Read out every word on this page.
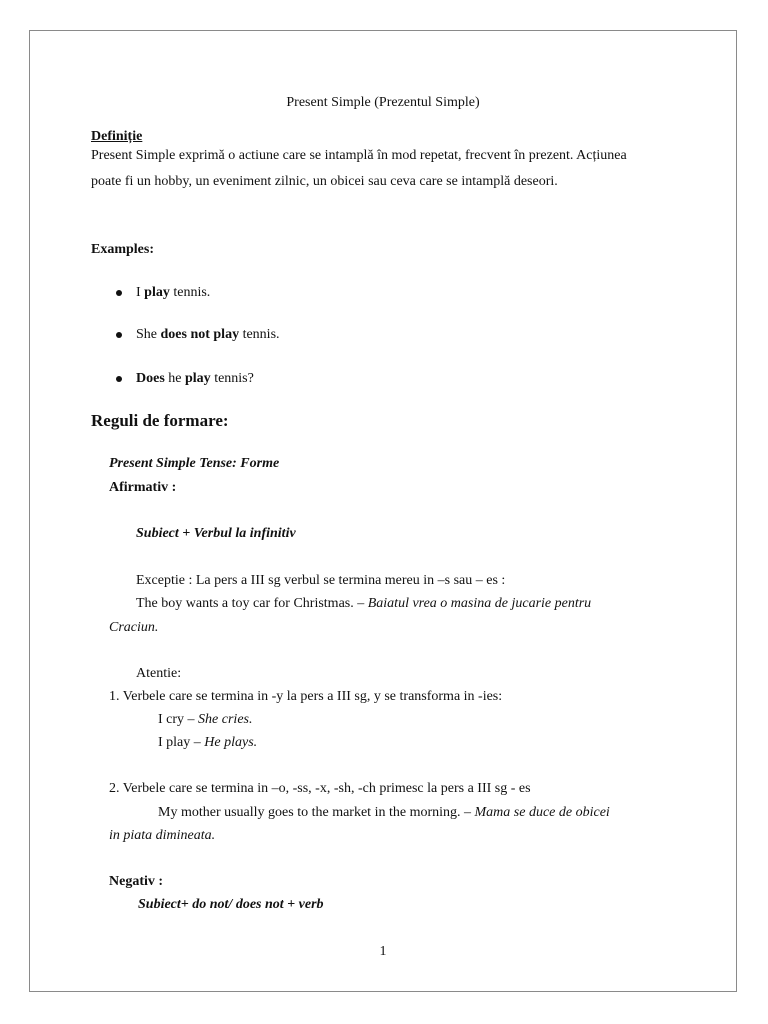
Present Simple (Prezentul Simple)
Definiție
Present Simple exprimă o actiune care se intamplă în mod repetat, frecvent în prezent. Acțiunea
poate fi un hobby, un eveniment zilnic, un obicei sau ceva care se intamplă deseori.
Examples:
I play tennis.
She does not play tennis.
Does he play tennis?
Reguli de formare:
Present Simple Tense: Forme
Afirmativ :
Subiect + Verbul la infinitiv
Exceptie : La pers a III sg verbul se termina mereu in –s sau – es :
The boy wants a toy car for Christmas. – Baiatul vrea o masina de jucarie pentru
Craciun.
Atentie:
1. Verbele care se termina in -y la pers a III sg, y se transforma in -ies:
I cry – She cries.
I play – He plays.
2. Verbele care se termina in –o, -ss, -x, -sh, -ch primesc la pers a III sg - es
My mother usually goes to the market in the morning. – Mama se duce de obicei
in piata dimineata.
Negativ :
Subiect+ do not/ does not + verb
1
